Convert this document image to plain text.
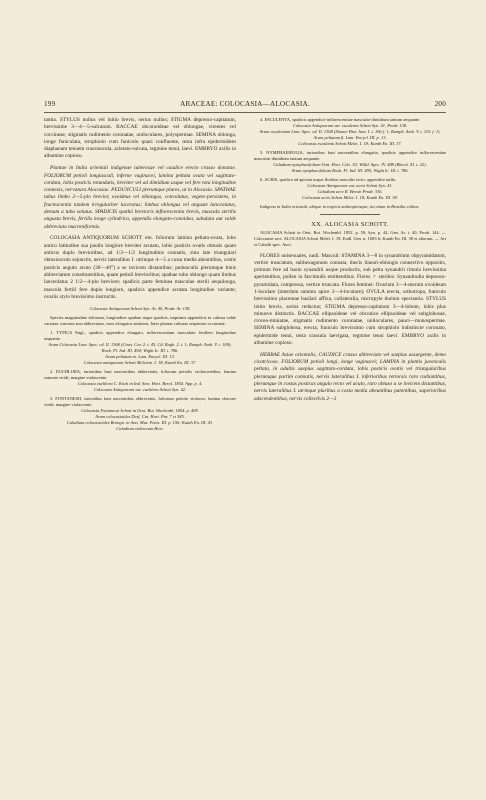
199	ARACEAE: COLOCASIA—ALOCASIA.	200

tantia. STYLUS nullus vel initio brevis, serius nullus; STIGMA depresso-capitatum, brevissime 3—4—5-sulcatum. BACCAE obconoideae vel oblongae, virentes vel coccineae, stigmatis rudimento coronatae, uniloculares, polyspermae. SEMINA oblonga, longe funiculata, strophiolo cum funiculo quasi confluente, testa infra epidermidem diaphanam tenuem crassiuscula, acietato-sulcata, tegmine tenui, laevi. EMBRYO axilis in albumine copioso.

Plantae in India orientali indigenae tuberosae vel caudice erecto crasso donatae. FOLIORUM petioli longiusculi, inferne vaginacei, lamina peltata ovata vel sagittato-cordata, lobis posticis rotundatis, breviter vel ad dimidium usque vel fere tota longitudine connexis, nervatura Alocasiae. PEDUNCULI plerumque plures, ut in Alocasia. SPATHAE tubus limbo 2—5-plo brevior, ovoideus vel oblongus, convolutus, vegeto-persistens, in fructescentia tandem irregulariter laceratus; limbus oblongus vel anguste lanceolatus, demum a tubo solutus. SPADICIS spathâ brevioris inflorescentia brevis, mascula sterilis angusta brevis, fertilis longe cylindrica, appendix elongato-conoidea, subulata aut valde abbreviata mucroniformis.

COLOCASIA ANTIQUORUM SCHOTT em. foliorum lamina peltato-ovata, lobo antico latitudine sua paullo longiore breviter acutato, lobis posticis ovatis obtusis quam anticus duplo brevioribus, ad 1/3—1/2 longitudinis connatis, sinu late triangulari obtusiusculo sejunctis, nervis lateralibus I. utrinque 4—5 a costa media abeuntibus, costis posticis angulo acuto (30—40°) a se invicem distantibus; pedunculis plerumque binis abbreviatum constituentibus, quam petioli brevioribus; spathae tubo oblongo quam limbus lanceolatus 2 1/2—4-plo breviore; spadicis parte feminea masculae sterili aequilonga, mascula fertili fere duplo longiore, spadicis appendice acutata longitudine variante; ovariis stylo brevissimo instructis.

Colocasia Antiquorum Schott Syn. Ar. 40, Prodr. Ar. 138.

Species magnitudine foliorum, longitudine spathae atque spadicis, imprimis appendicis in cultura valde variatae, turionos non abbreviatos, mox elongatos emittens. Inter plantas culturae sequentes occurrunt:

1. TYPICA Engl., spadicis appendice elongato, inflorescentiam masculam fertilem longitudine aequante.

Arum Colocasia Linn. Spec. ed. II. 1368 (Cinet. Cor. 2. t. 45, Cd. Rogb. 2. t. 1; Rumph. Amb. V. t. 109); Roxb. Fl. Ind. III. 494; Wight Ic. III. t. 786.

Arum peltatum m. Lam. Encycl. III. 13.

Colocasia antiquorum Schott Meletem. I. 18; Kunth En. III. 37.

2. EUCHLORA, turionibus basi nascentibus abbreviatis; foliorum petiolis violascentibus, lamina saturate viridi, margine violascente.

Colocasia euchlora C. Koch in Ind. Sem. Hort. Berol. 1854. App. p. 4.

Colocasia Antiquorum var. euchlora Schott Syn. 42.

3. FONTANESII, turionibus basi nascentibus abbreviatis, foliorum petiolo violaceo, lamina obscure viridi, margine violascente.

Colocasia Fontanesii Schott in Oest. Bot. Wochenbl. 1854. p. 409.

Arum colocasioides Desf. Cat. Hort. Par. 7 et 385.

Caladium colocasioides Brongn. in Ann. Mus. Paris. III. p. 156; Kunth En. III. 43.

Caladium violaceum Hort.

4. ESCULENTA, spadicis appendice inflorescentiae masculae dimidium tantum aequante.

Colocasia Antiquorum var. esculenta Schott Syn. 41, Prodr. 138.

Arum esculentum Linn. Spec. ed. II. 1368 (Sloane Hist. Jam. I. t. 106 f. 1; Rumph. Amb. V. t. 110. f. 1).

Arum peltatum β. Lam. Encycl. III. p. 13.

Colocasia esculenta Schott Melet. I. 18; Kunth En. III. 37.

5. NYMPHAEIFOLIA, turionibus basi nascentibus elongatis; spadicis appendice inflorescentiae masculae dimidium tantum aequante.

Caladium nymphaeifolium Vent. Hort. Cels. 30; Willd. Spec. IV. 488 (Rheed. XI. t. 22).

Arum nymphaeifolium Roxb. Fl. Ind. III. 495; Wight Ic. III. t. 786.

6. ACRIS, spadice ad apicem usque floribus masculis tecto, appendice nulla.

Colocasia Antiquorum var. acris Schott Syn. 41.

Caladium acre R. Brown Prodr. 336.

Colocasia acris Schott Melet. I. 18; Kunth En. III. 38.

Indigena in India orientali, ubique in tropicis subtropicisque, ita etiam in Brasilia colitur.

XX. ALOCASIA SCHOTT.

ALOCASIA Schott in Oest. Bot. Wochenbl. 1852. p. 59, Syn. p. 44, Gen. Ar. t. 40, Prodr. 144. — Colocasiae sect. ALOCASIA Schott Melet. I. 18; Endl. Gen. n. 1683 b; Kunth En. III. 38 et aliorum. — Ari et Caladii spec. Auct.

FLORES unisexuales, nudi. Masculi: STAMINA 3—8 in synandrium obpyramidatum, vertice truncatum, subhexagonum connata, thecis lineari-oblongis connectivo oppositis, primum fere ad basin synandrii usque productis, sub pelta synandrii rimula brevissima aperientibus, pollen in farcimulis emittentibus. Flores ♂ steriles: Synandrodia depresso-pyramidata, compressa, vertice truncata. Flores feminei: Ovarium 3—4-merum ovoideum 1-loculare (interdum summo apice 3—4-loculare); OVULA erecta, orthotropa, funiculo brevissimo placentae basilari affixa, collateralia, micropyle tholum spectantia. STYLUS initio brevis, serius reductus; STIGMA depresso-capitatum 3—4-lobum, lobis plus minusve distinctis. BACCAE ellipsoideae vel obconice ellipsoideae vel subglobosae, croceo-miniatae, stigmatis rudimento coronatae, uniloculares, pauci—monospermae. SEMINA subglobosa, erecta, funiculo brevissimo cum strophiolo indistincte coronato, epidermide tenui, testa crassula laevigata, tegmine tenui laevi. EMBRYO axilis in albumine copioso.

HERBAE Asiae orientalis, CAUDICE crasso abbreviato vel saepius assurgente, demo cicatricoso. FOLIORUM petioli longi, longe vaginacei; LAMINA in plantis juvenculis peltata, in adultis saepius sagittato-cordata, lobis posticis ovatis vel triangularibus plerumque partim connatis, nervis lateralibus I. inferioribus retrorsis raro radiantibus, plerumque in costas posticas angulo recto vel acuto, raro obtuso a se invicem distantibus, nervis lateralibus I. utrinque pluribus a costa media abeuntibus patentibus, superioribus adscendentibus, nervis collectivis 2—3
